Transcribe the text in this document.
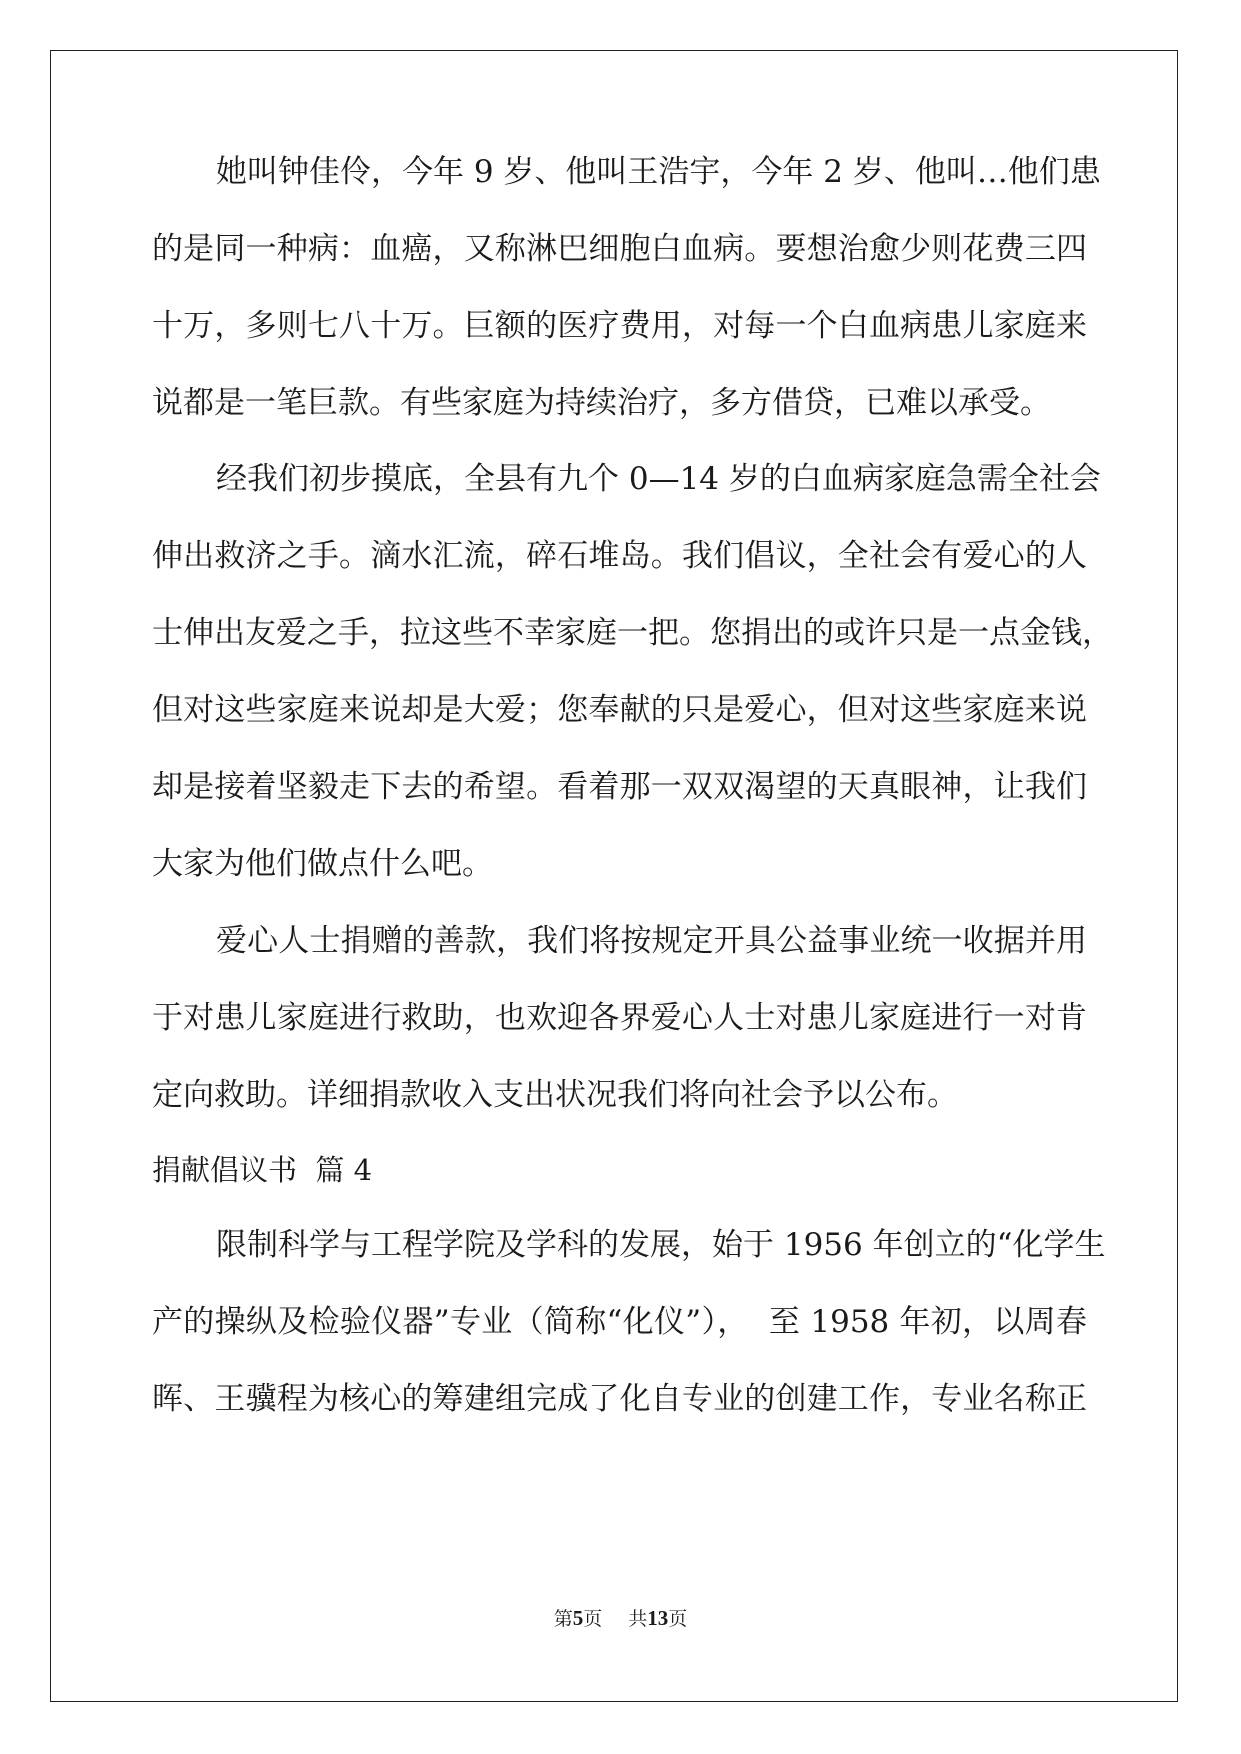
她叫钟佳伶，今年 9 岁、他叫王浩宇，今年 2 岁、他叫…他们患

的是同一种病：血癌，又称淋巴细胞白血病。要想治愈少则花费三四

十万，多则七八十万。巨额的医疗费用，对每一个白血病患儿家庭来

说都是一笔巨款。有些家庭为持续治疗，多方借贷，已难以承受。

经我们初步摸底，全县有九个 0—14 岁的白血病家庭急需全社会

伸出救济之手。滴水汇流，碎石堆岛。我们倡议，全社会有爱心的人

士伸出友爱之手，拉这些不幸家庭一把。您捐出的或许只是一点金钱，

但对这些家庭来说却是大爱；您奉献的只是爱心，但对这些家庭来说

却是接着坚毅走下去的希望。看着那一双双渴望的天真眼神，让我们

大家为他们做点什么吧。

爱心人士捐赠的善款，我们将按规定开具公益事业统一收据并用

于对患儿家庭进行救助，也欢迎各界爱心人士对患儿家庭进行一对肯

定向救助。详细捐款收入支出状况我们将向社会予以公布。

捐献倡议书  篇 4

限制科学与工程学院及学科的发展，始于 1956 年创立的“化学生

产的操纵及检验仪器”专业（简称“化仪”），  至 1958 年初，以周春

晖、王骥程为核心的筹建组完成了化自专业的创建工作，专业名称正

第5页 共13页
